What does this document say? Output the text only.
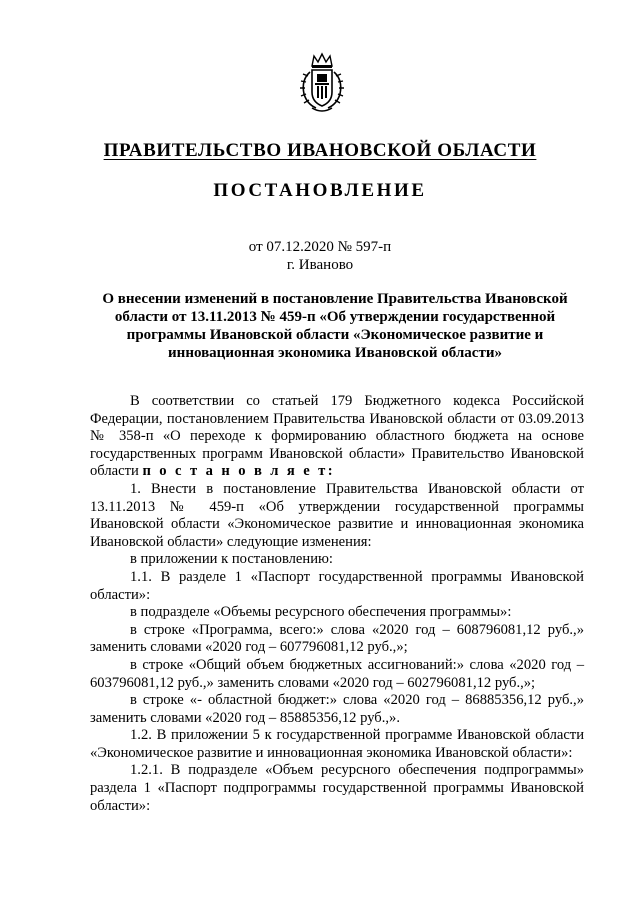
ПРАВИТЕЛЬСТВО ИВАНОВСКОЙ ОБЛАСТИ
ПОСТАНОВЛЕНИЕ
от 07.12.2020 № 597-п
г. Иваново
О внесении изменений в постановление Правительства Ивановской области от 13.11.2013 № 459-п «Об утверждении государственной программы Ивановской области «Экономическое развитие и инновационная экономика Ивановской области»

В соответствии со статьей 179 Бюджетного кодекса Российской Федерации, постановлением Правительства Ивановской области от 03.09.2013 № 358-п «О переходе к формированию областного бюджета на основе государственных программ Ивановской области» Правительство Ивановской области п о с т а н о в л я е т:

1. Внести в постановление Правительства Ивановской области от 13.11.2013 № 459-п «Об утверждении государственной программы Ивановской области «Экономическое развитие и инновационная экономика Ивановской области» следующие изменения:

в приложении к постановлению:

1.1. В разделе 1 «Паспорт государственной программы Ивановской области»:

в подразделе «Объемы ресурсного обеспечения программы»:

в строке «Программа, всего:» слова «2020 год – 608796081,12 руб.,» заменить словами «2020 год – 607796081,12 руб.,»;

в строке «Общий объем бюджетных ассигнований:» слова «2020 год – 603796081,12 руб.,» заменить словами «2020 год – 602796081,12 руб.,»;

в строке «- областной бюджет:» слова «2020 год – 86885356,12 руб.,» заменить словами «2020 год – 85885356,12 руб.,».

1.2. В приложении 5 к государственной программе Ивановской области «Экономическое развитие и инновационная экономика Ивановской области»:

1.2.1. В подразделе «Объем ресурсного обеспечения подпрограммы» раздела 1 «Паспорт подпрограммы государственной программы Ивановской области»:
